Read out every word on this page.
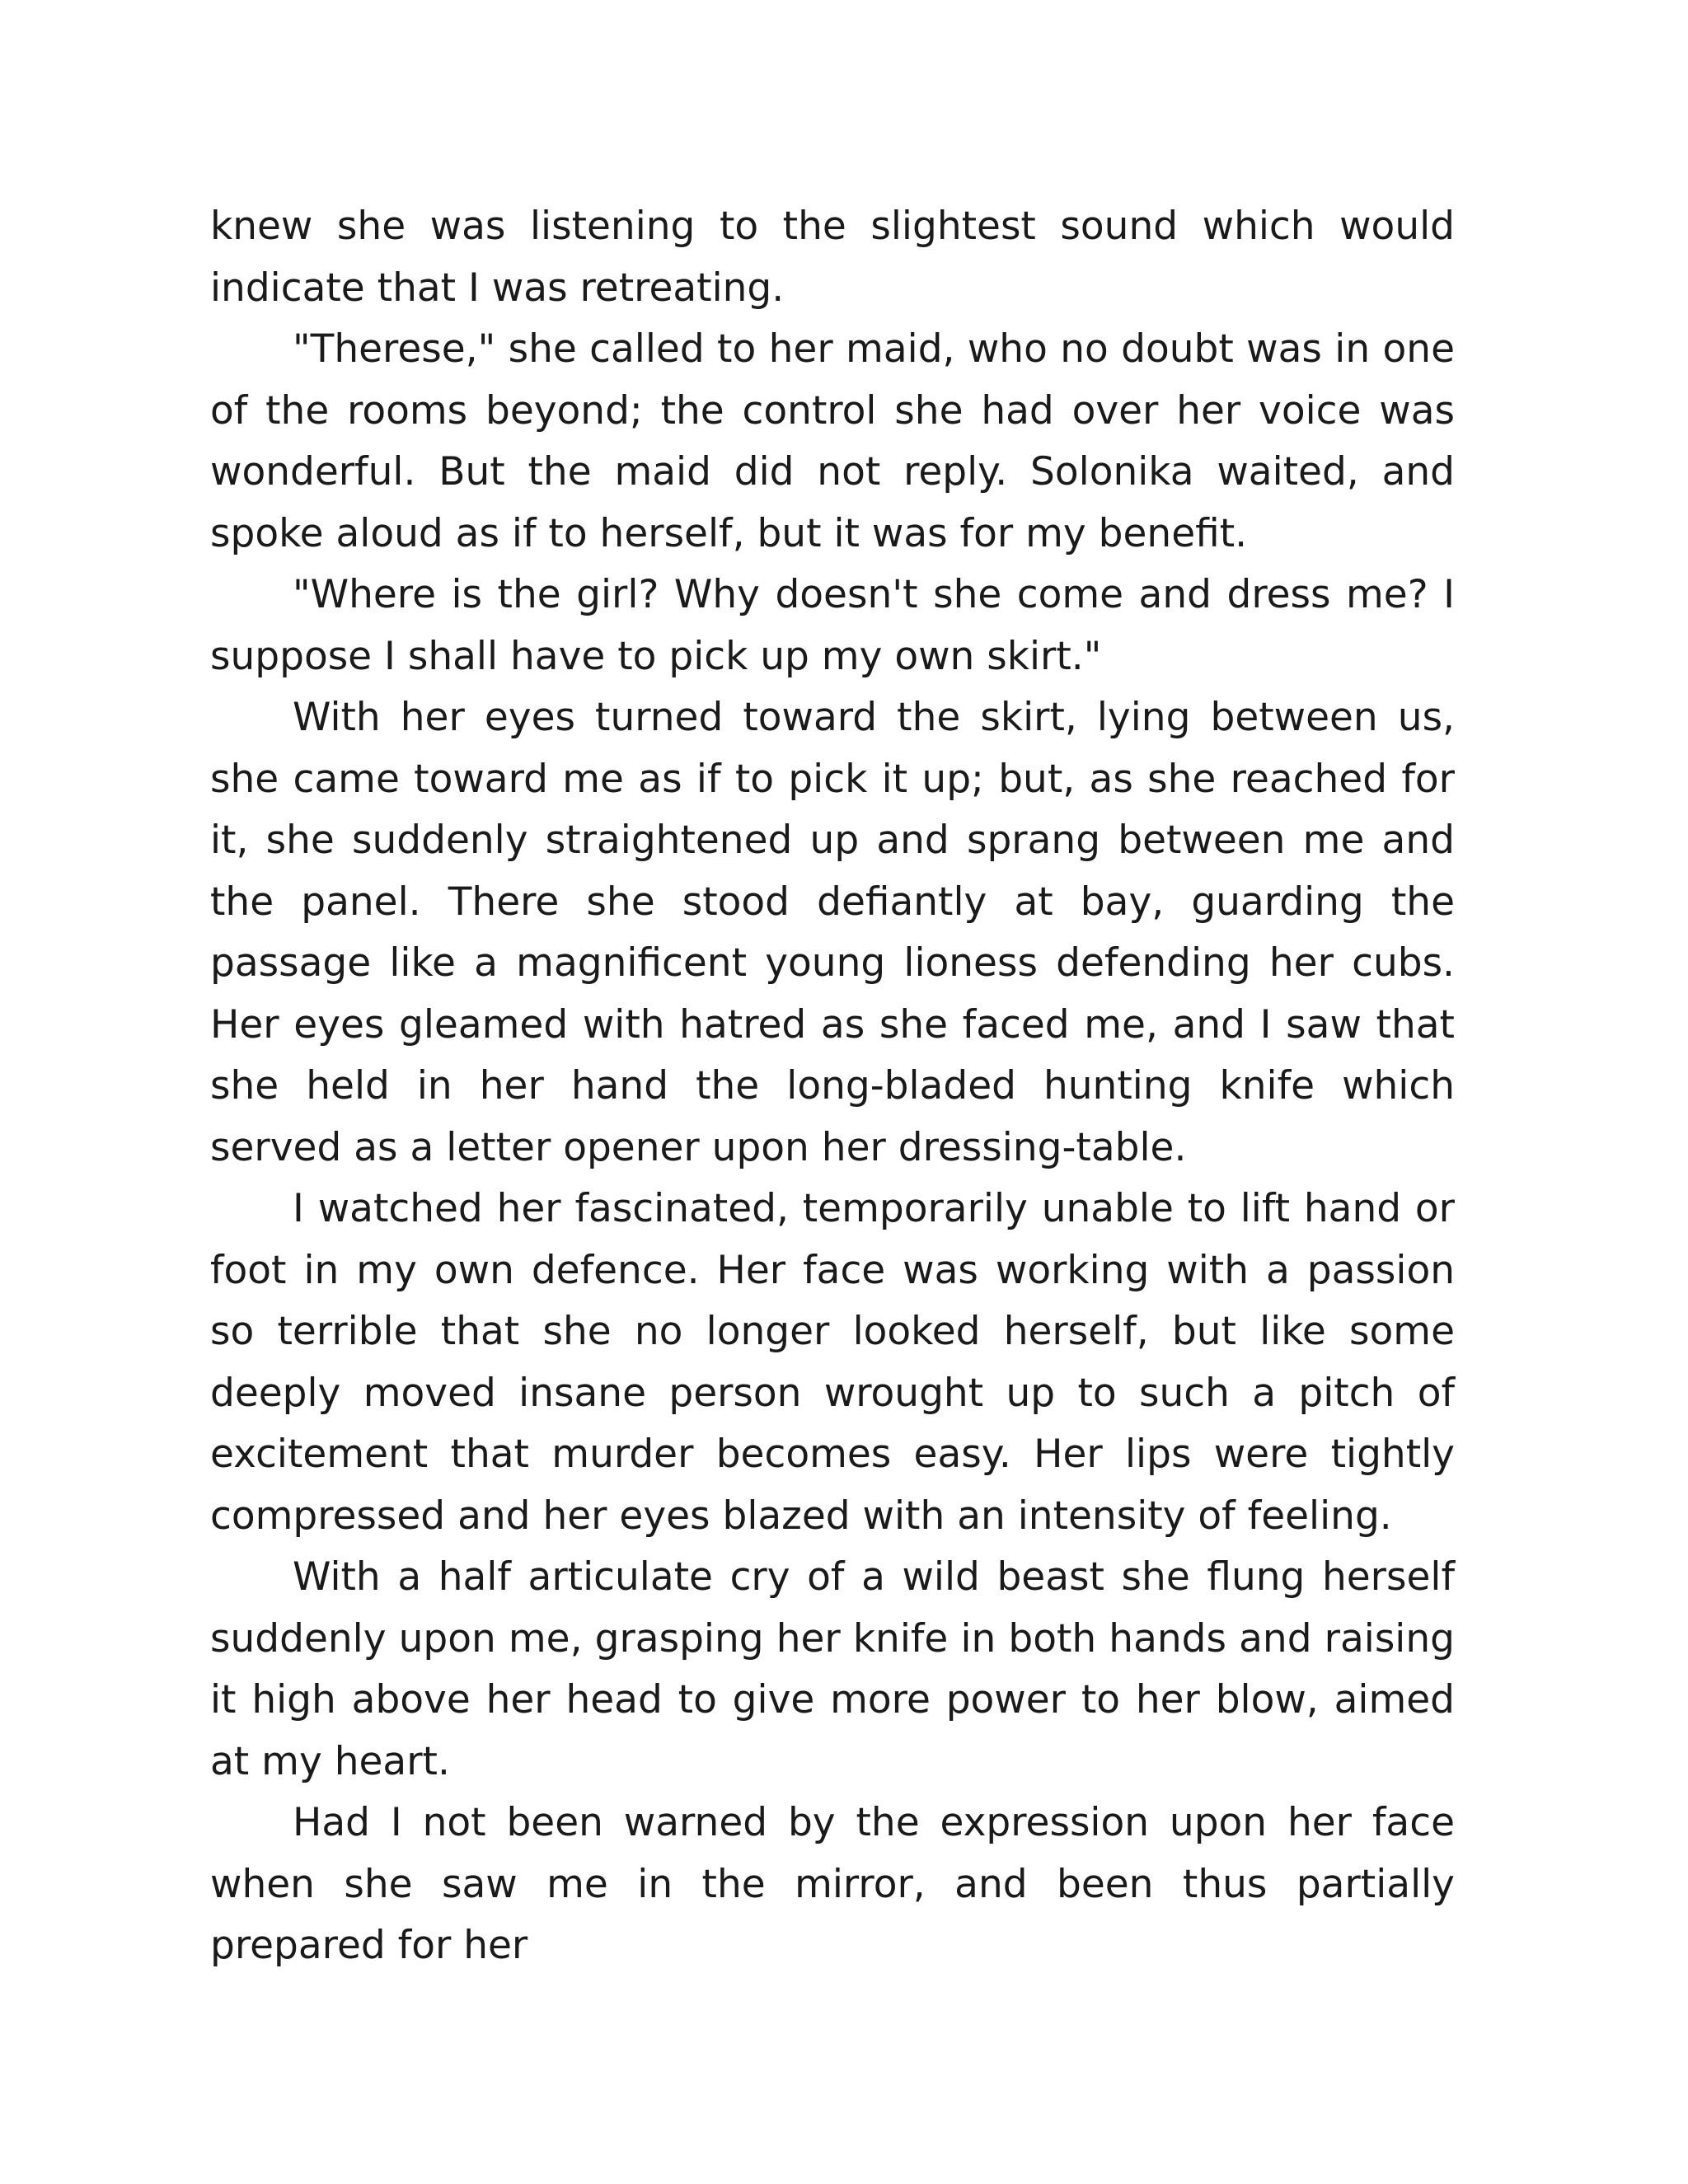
knew she was listening to the slightest sound which would indicate that I was retreating.

"Therese," she called to her maid, who no doubt was in one of the rooms beyond; the control she had over her voice was wonderful. But the maid did not reply. Solonika waited, and spoke aloud as if to herself, but it was for my benefit.

"Where is the girl? Why doesn't she come and dress me? I suppose I shall have to pick up my own skirt."

With her eyes turned toward the skirt, lying between us, she came toward me as if to pick it up; but, as she reached for it, she suddenly straightened up and sprang between me and the panel. There she stood defiantly at bay, guarding the passage like a magnificent young lioness defending her cubs. Her eyes gleamed with hatred as she faced me, and I saw that she held in her hand the long-bladed hunting knife which served as a letter opener upon her dressing-table.

I watched her fascinated, temporarily unable to lift hand or foot in my own defence. Her face was working with a passion so terrible that she no longer looked herself, but like some deeply moved insane person wrought up to such a pitch of excitement that murder becomes easy. Her lips were tightly compressed and her eyes blazed with an intensity of feeling.

With a half articulate cry of a wild beast she flung herself suddenly upon me, grasping her knife in both hands and raising it high above her head to give more power to her blow, aimed at my heart.

Had I not been warned by the expression upon her face when she saw me in the mirror, and been thus partially prepared for her
